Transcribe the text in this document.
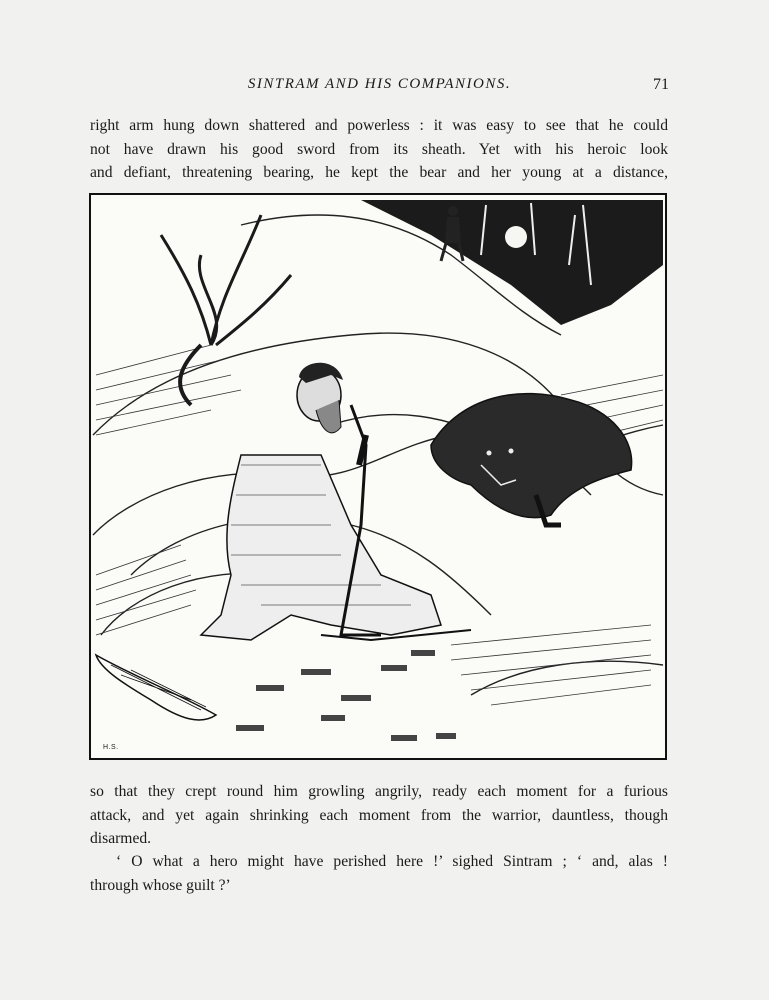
SINTRAM AND HIS COMPANIONS.	71
right arm hung down shattered and powerless : it was easy to see that he could
not have drawn his good sword from its sheath. Yet with his heroic look
and defiant, threatening bearing, he kept the bear and her young at a distance,
H.S.
so that they crept round him growling angrily, ready each moment for a furious
attack, and yet again shrinking each moment from the warrior, dauntless, though
disarmed.
‘ O what a hero might have perished here !’ sighed Sintram ; ‘ and, alas !
through whose guilt ?’
